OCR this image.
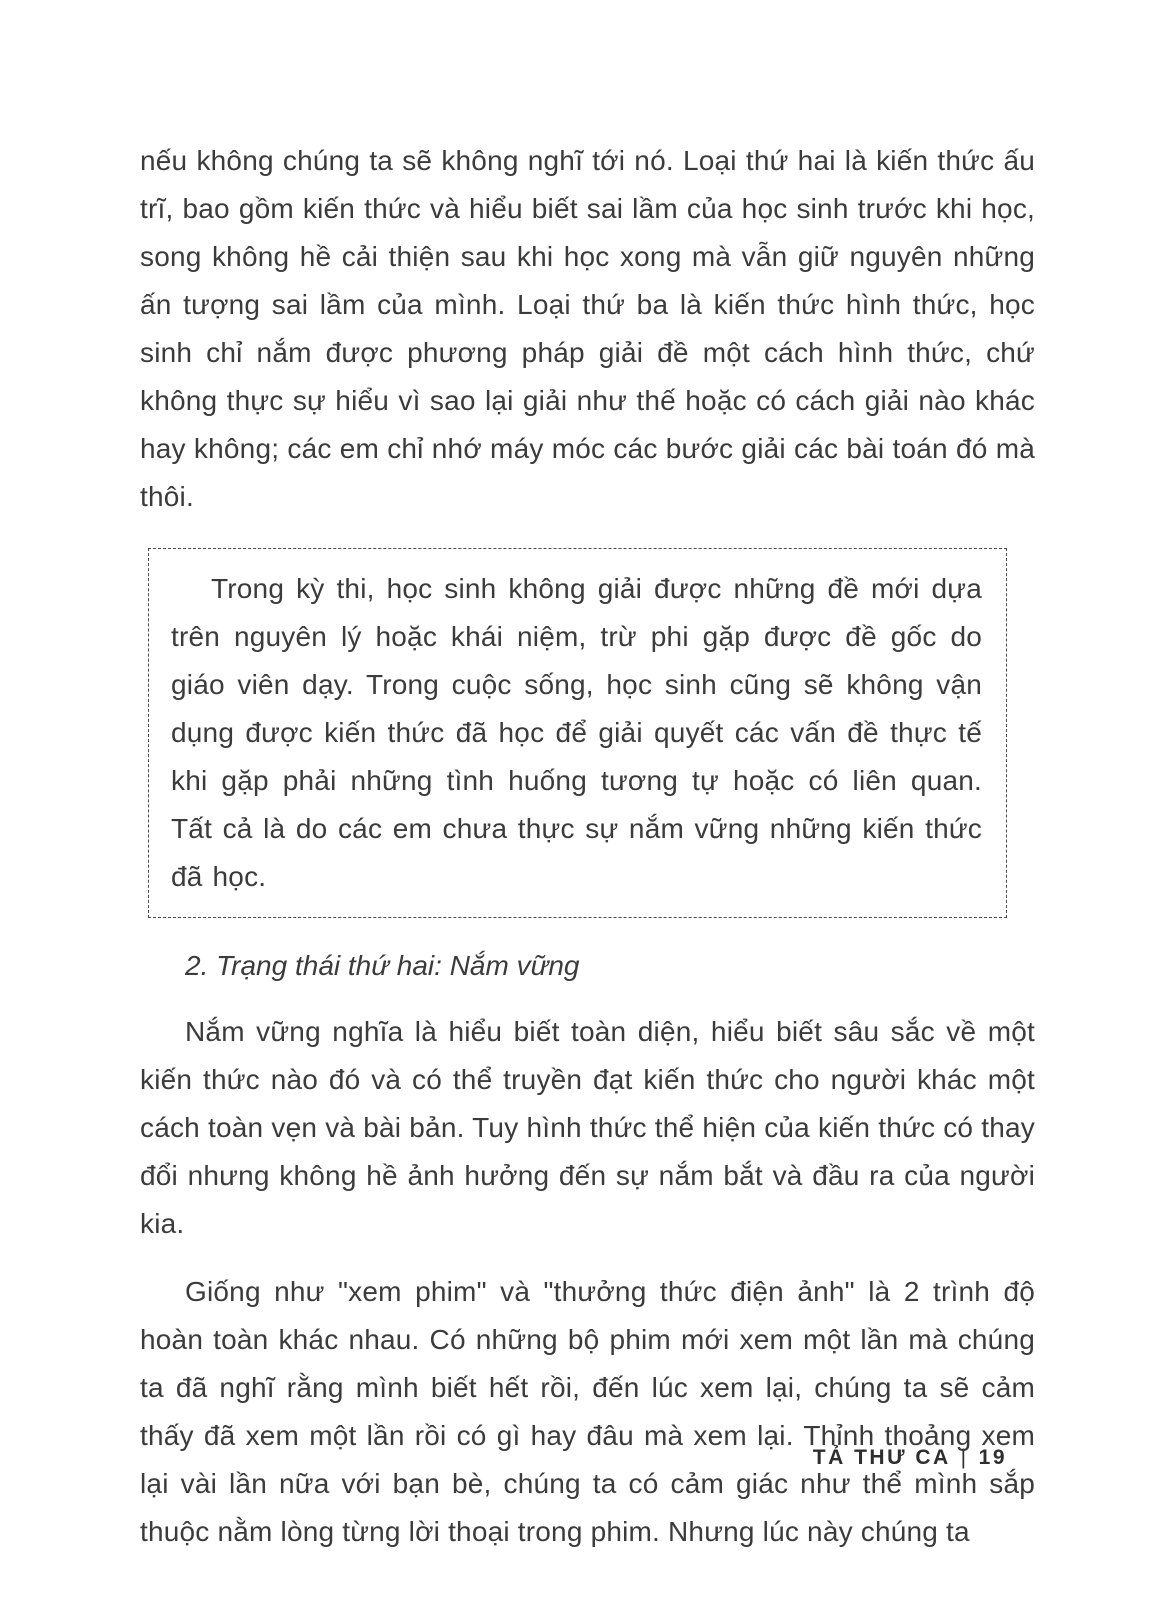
nếu không chúng ta sẽ không nghĩ tới nó. Loại thứ hai là kiến thức ấu trĩ, bao gồm kiến thức và hiểu biết sai lầm của học sinh trước khi học, song không hề cải thiện sau khi học xong mà vẫn giữ nguyên những ấn tượng sai lầm của mình. Loại thứ ba là kiến thức hình thức, học sinh chỉ nắm được phương pháp giải đề một cách hình thức, chứ không thực sự hiểu vì sao lại giải như thế hoặc có cách giải nào khác hay không; các em chỉ nhớ máy móc các bước giải các bài toán đó mà thôi.

Trong kỳ thi, học sinh không giải được những đề mới dựa trên nguyên lý hoặc khái niệm, trừ phi gặp được đề gốc do giáo viên dạy. Trong cuộc sống, học sinh cũng sẽ không vận dụng được kiến thức đã học để giải quyết các vấn đề thực tế khi gặp phải những tình huống tương tự hoặc có liên quan. Tất cả là do các em chưa thực sự nắm vững những kiến thức đã học.

2. Trạng thái thứ hai: Nắm vững

Nắm vững nghĩa là hiểu biết toàn diện, hiểu biết sâu sắc về một kiến thức nào đó và có thể truyền đạt kiến thức cho người khác một cách toàn vẹn và bài bản. Tuy hình thức thể hiện của kiến thức có thay đổi nhưng không hề ảnh hưởng đến sự nắm bắt và đầu ra của người kia.

Giống như "xem phim" và "thưởng thức điện ảnh" là 2 trình độ hoàn toàn khác nhau. Có những bộ phim mới xem một lần mà chúng ta đã nghĩ rằng mình biết hết rồi, đến lúc xem lại, chúng ta sẽ cảm thấy đã xem một lần rồi có gì hay đâu mà xem lại. Thỉnh thoảng xem lại vài lần nữa với bạn bè, chúng ta có cảm giác như thể mình sắp thuộc nằm lòng từng lời thoại trong phim. Nhưng lúc này chúng ta

TẢ THƯ CA | 19
